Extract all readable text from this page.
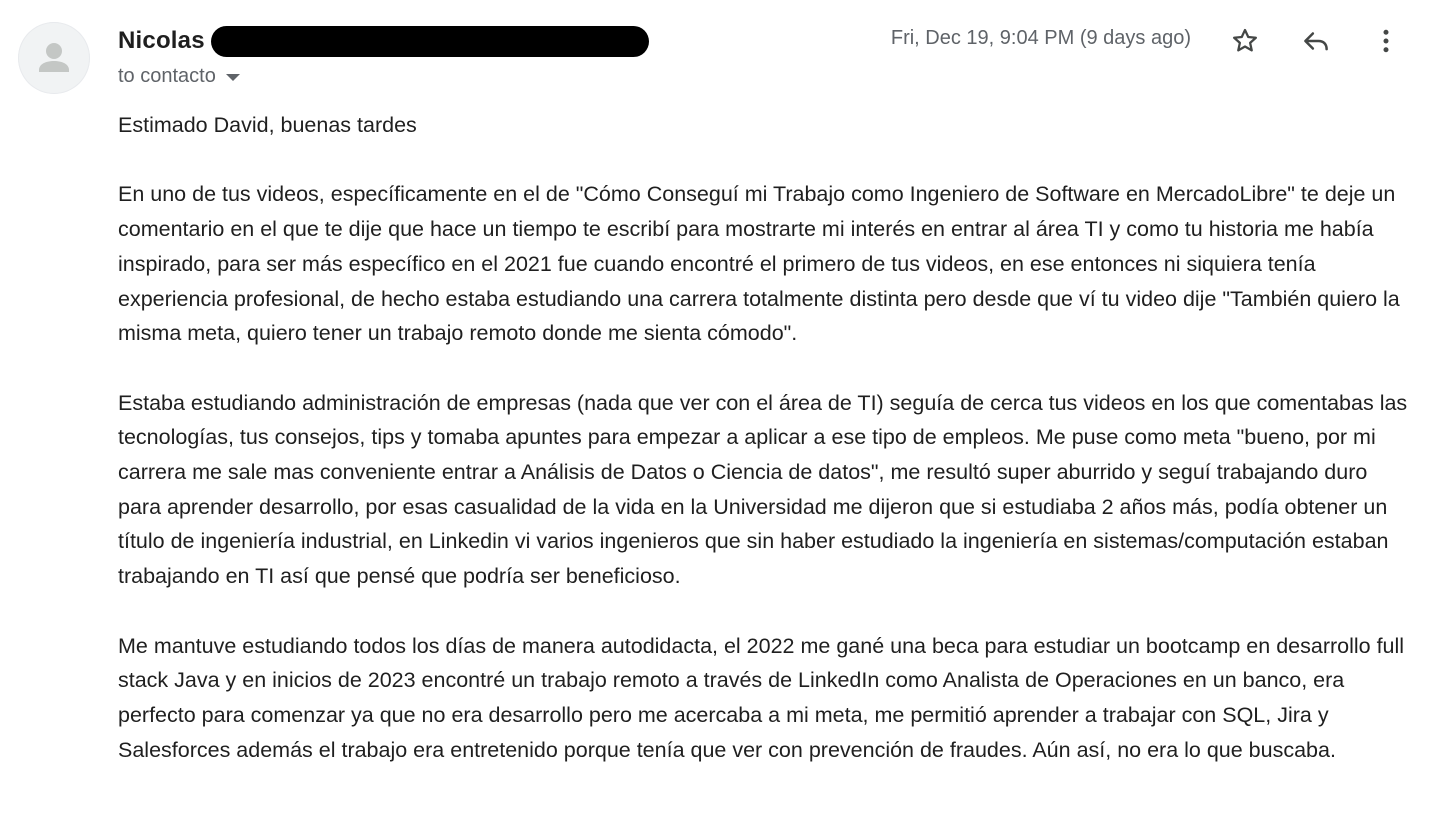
Nicolas
to contacto
Fri, Dec 19, 9:04 PM (9 days ago)

Estimado David, buenas tardes

En uno de tus videos, específicamente en el de "Cómo Conseguí mi Trabajo como Ingeniero de Software en MercadoLibre" te deje un comentario en el que te dije que hace un tiempo te escribí para mostrarte mi interés en entrar al área TI y como tu historia me había inspirado, para ser más específico en el 2021 fue cuando encontré el primero de tus videos, en ese entonces ni siquiera tenía experiencia profesional, de hecho estaba estudiando una carrera totalmente distinta pero desde que ví tu video dije "También quiero la misma meta, quiero tener un trabajo remoto donde me sienta cómodo".

Estaba estudiando administración de empresas (nada que ver con el área de TI) seguía de cerca tus videos en los que comentabas las tecnologías, tus consejos, tips y tomaba apuntes para empezar a aplicar a ese tipo de empleos. Me puse como meta "bueno, por mi carrera me sale mas conveniente entrar a Análisis de Datos o Ciencia de datos", me resultó super aburrido y seguí trabajando duro para aprender desarrollo, por esas casualidad de la vida en la Universidad me dijeron que si estudiaba 2 años más, podía obtener un título de ingeniería industrial, en Linkedin vi varios ingenieros que sin haber estudiado la ingeniería en sistemas/computación estaban trabajando en TI así que pensé que podría ser beneficioso.

Me mantuve estudiando todos los días de manera autodidacta, el 2022 me gané una beca para estudiar un bootcamp en desarrollo full stack Java y en inicios de 2023 encontré un trabajo remoto a través de LinkedIn como Analista de Operaciones en un banco, era perfecto para comenzar ya que no era desarrollo pero me acercaba a mi meta, me permitió aprender a trabajar con SQL, Jira y Salesforces además el trabajo era entretenido porque tenía que ver con prevención de fraudes. Aún así, no era lo que buscaba.
